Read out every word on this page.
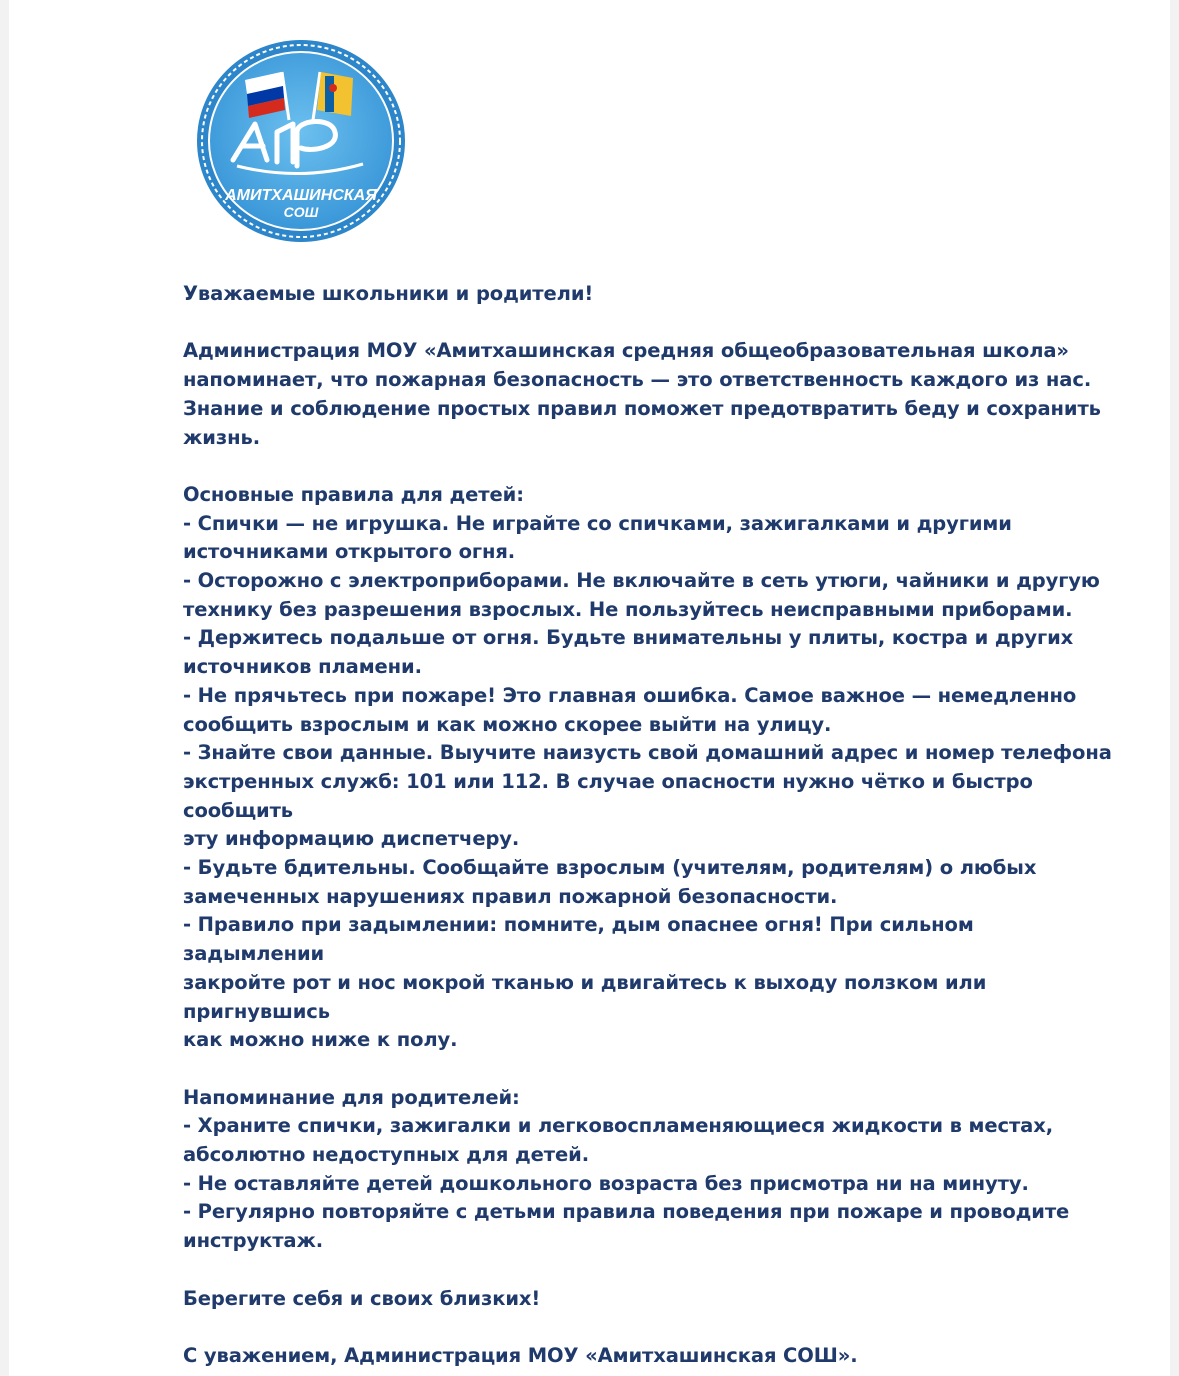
АМИТХАШИНСКАЯ
СОШ

Уважаемые школьники и родители!

Администрация МОУ «Амитхашинская средняя общеобразовательная школа»

напоминает, что пожарная безопасность — это ответственность каждого из нас.

Знание и соблюдение простых правил поможет предотвратить беду и сохранить

жизнь.

Основные правила для детей:

- Спички — не игрушка. Не играйте со спичками, зажигалками и другими

источниками открытого огня.

- Осторожно с электроприборами. Не включайте в сеть утюги, чайники и другую

технику без разрешения взрослых. Не пользуйтесь неисправными приборами.

- Держитесь подальше от огня. Будьте внимательны у плиты, костра и других

источников пламени.

- Не прячьтесь при пожаре! Это главная ошибка. Самое важное — немедленно

сообщить взрослым и как можно скорее выйти на улицу.

- Знайте свои данные. Выучите наизусть свой домашний адрес и номер телефона

экстренных служб: 101 или 112. В случае опасности нужно чётко и быстро сообщить

эту информацию диспетчеру.

- Будьте бдительны. Сообщайте взрослым (учителям, родителям) о любых

замеченных нарушениях правил пожарной безопасности.

- Правило при задымлении: помните, дым опаснее огня! При сильном задымлении

закройте рот и нос мокрой тканью и двигайтесь к выходу ползком или пригнувшись

как можно ниже к полу.

Напоминание для родителей:

- Храните спички, зажигалки и легковоспламеняющиеся жидкости в местах,

абсолютно недоступных для детей.

- Не оставляйте детей дошкольного возраста без присмотра ни на минуту.

- Регулярно повторяйте с детьми правила поведения при пожаре и проводите

инструктаж.

Берегите себя и своих близких!

С уважением, Администрация МОУ «Амитхашинская СОШ».
